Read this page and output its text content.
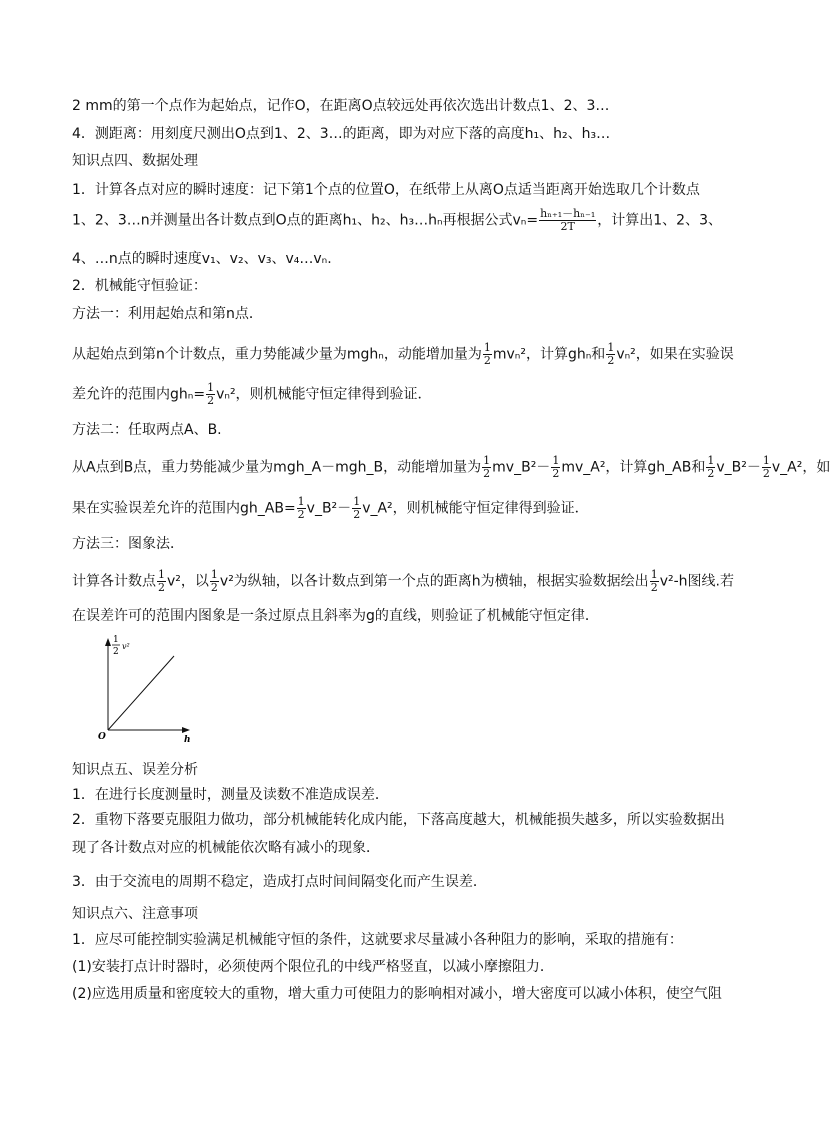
2 mm的第一个点作为起始点，记作O，在距离O点较远处再依次选出计数点1、2、3…
4．测距离：用刻度尺测出O点到1、2、3…的距离，即为对应下落的高度h₁、h₂、h₃…
知识点四、数据处理
1．计算各点对应的瞬时速度：记下第1个点的位置O，在纸带上从离O点适当距离开始选取几个计数点
1、2、3…n并测量出各计数点到O点的距离h₁、h₂、h₃…hₙ再根据公式$v_n= \frac{\text{hₙ₊₁－hₙ₋₁}}{2T}$ ，计算出1、2、3、
4、…n点的瞬时速度v₁、v₂、v₃、v₄…vₙ.
2．机械能守恒验证：
方法一：利用起始点和第n点．
从起始点到第n个计数点，重力势能减少量为mghₙ，动能增加量为 $\frac{1}{2} mv_n^2$，计算ghₙ和 $\frac{1}{2} v_n^2$，如果在实验误
差允许的范围内$gh_n= \frac{1}{2} v_n^2$，则机械能守恒定律得到验证．
方法二：任取两点A、B.
从A点到B点，重力势能减少量为mgh_A－mgh_B，动能增加量为 $\frac{1}{2}$ mv_B²－ $\frac{1}{2}$ mv_A²，计算gh_AB和 $\frac{1}{2}$ v_B²－ $\frac{1}{2}$ v_A²，如
果在实验误差允许的范围内gh_AB= $\frac{1}{2}$ v_B²－ $\frac{1}{2}$ v_A²，则机械能守恒定律得到验证．
方法三：图象法．
计算各计数点 $\frac{1}{2} v^2$，以 $\frac{1}{2} v^2$为纵轴，以各计数点到第一个点的距离h为横轴，根据实验数据绘出 $\frac{1}{2} v^2-h$图线.若
在误差许可的范围内图象是一条过原点且斜率为g的直线，则验证了机械能守恒定律．
1
2
v²
O	h
知识点五、误差分析
1．在进行长度测量时，测量及读数不准造成误差．
2．重物下落要克服阻力做功，部分机械能转化成内能，下落高度越大，机械能损失越多，所以实验数据出
现了各计数点对应的机械能依次略有减小的现象．
3．由于交流电的周期不稳定，造成打点时间间隔变化而产生误差．
知识点六、注意事项
1．应尽可能控制实验满足机械能守恒的条件，这就要求尽量减小各种阻力的影响，采取的措施有：
(1)安装打点计时器时，必须使两个限位孔的中线严格竖直，以减小摩擦阻力．
(2)应选用质量和密度较大的重物，增大重力可使阻力的影响相对减小，增大密度可以减小体积，使空气阻
